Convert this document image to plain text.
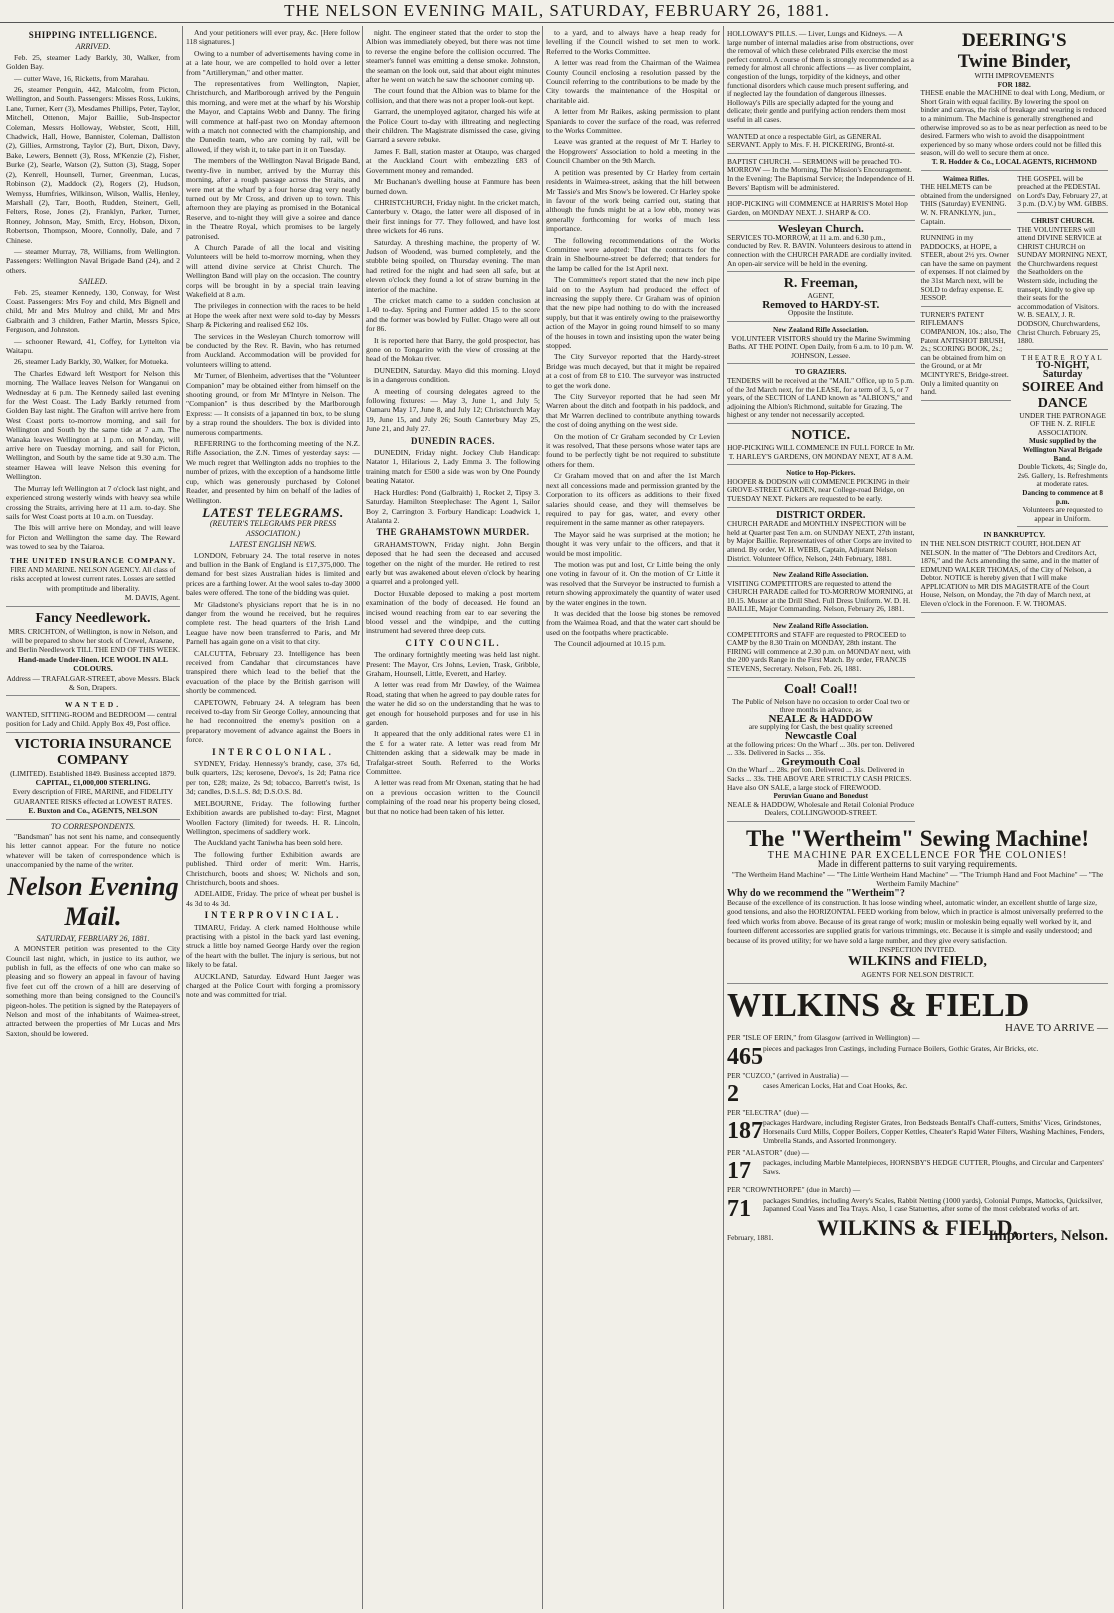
THE NELSON EVENING MAIL, SATURDAY, FEBRUARY 26, 1881.
SHIPPING INTELLIGENCE.
ARRIVED.

Feb. 25, steamer Lady Barkly, 30, Walker, from Golden Bay.

— cutter Wave, 16, Ricketts, from Marahau.

26, steamer Penguin, 442, Malcolm, from Picton, Wellington, and South. Passengers: Misses Ross, Lukins, Lane, Turner, Kerr (3), Mesdames Phillips, Peter, Taylor, Mitchell, Ottenon, Major Baillie, Sub-Inspector Coleman, Messrs Holloway, Webster, Scott, Hill, Chadwick, Hall, Howe, Bannister, Coleman, Dalliston (2), Gillies, Armstrong, Taylor (2), Burt, Dixon, Davy, Bake, Lewers, Bennett (3), Ross, M'Kenzie (2), Fisher, Burke (2), Searle, Watson (2), Sutton (3), Stagg, Soper (2), Kenrell, Hounsell, Turner, Greenman, Lucas, Robinson (2), Maddock (2), Rogers (2), Hudson, Wemyss, Humfries, Wilkinson, Wilson, Wallis, Henley, Marshall (2), Tarr, Booth, Rudden, Steinert, Gell, Felters, Rose, Jones (2), Franklyn, Parker, Turner, Ronney, Johnson, May, Smith, Ercy, Hobson, Dixon, Robertson, Thompson, Moore, Connolly, Dale, and 7 Chinese.

— steamer Murray, 78, Williams, from Wellington. Passengers: Wellington Naval Brigade Band (24), and 2 others.

SAILED.

Feb. 25, steamer Kennedy, 130, Conway, for West Coast. Passengers: Mrs Foy and child, Mrs Bignell and child, Mr and Mrs Mulroy and child, Mr and Mrs Galbraith and 3 children, Father Martin, Messrs Spice, Ferguson, and Johnston.

— schooner Reward, 41, Coffey, for Lyttelton via Waitapu.

26, steamer Lady Barkly, 30, Walker, for Motueka.

The Charles Edward left Westport for Nelson this morning. The Wallace leaves Nelson for Wanganui on Wednesday at 6 p.m. The Kennedy sailed last evening for the West Coast. The Lady Barkly returned from Golden Bay last night. The Grafton will arrive here from West Coast ports to-morrow morning, and sail for Wellington and South by the same tide at 7 a.m. The Wanaka leaves Wellington at 1 p.m. on Monday, will arrive here on Tuesday morning, and sail for Picton, Wellington, and South by the same tide at 9.30 a.m. The steamer Hawea will leave Nelson this evening for Wellington.

The Murray left Wellington at 7 o'clock last night, and experienced strong westerly winds with heavy sea while crossing the Straits, arriving here at 11 a.m. to-day. She sails for West Coast ports at 10 a.m. on Tuesday.

The Ibis will arrive here on Monday, and will leave for Picton and Wellington the same day. The Reward was towed to sea by the Taiaroa.

THE UNITED INSURANCE COMPANY.
FIRE AND MARINE. NELSON AGENCY. All class of risks accepted at lowest current rates. Losses are settled with promptitude and liberality.
M. DAVIS, Agent.
Fancy Needlework.
MRS. CRICHTON, of Wellington, is now in Nelson, and will be prepared to show her stock of Crewel, Arasene, and Berlin Needlework TILL THE END OF THIS WEEK.
Hand-made Under-linen. ICE WOOL IN ALL COLOURS.
Address — TRAFALGAR-STREET, above Messrs. Black & Son, Drapers.
WANTED.
WANTED, SITTING-ROOM and BEDROOM — central position for Lady and Child. Apply Box 49, Post office.
VICTORIA INSURANCE COMPANY
(LIMITED). Established 1849. Business accepted 1879.
CAPITAL, £1,000,000 STERLING.
Every description of FIRE, MARINE, and FIDELITY GUARANTEE RISKS effected at LOWEST RATES.
E. Buxton and Co., AGENTS, NELSON
TO CORRESPONDENTS.

"Bandsman" has not sent his name, and consequently his letter cannot appear. For the future no notice whatever will be taken of correspondence which is unaccompanied by the name of the writer.

Nelson Evening Mail.
SATURDAY, FEBRUARY 26, 1881.

A MONSTER petition was presented to the City Council last night, which, in justice to its author, we publish in full, as the effects of one who can make so pleasing and so flowery an appeal in favour of having five feet cut off the crown of a hill are deserving of something more than being consigned to the Council's pigeon-holes. The petition is signed by the Ratepayers of Nelson and most of the inhabitants of Waimea-street, attracted between the properties of Mr Lucas and Mrs Saxton, should be lowered.

And your petitioners will ever pray, &c. [Here follow 118 signatures.]

Owing to a number of advertisements having come in at a late hour, we are compelled to hold over a letter from "Artilleryman," and other matter.

The representatives from Wellington, Napier, Christchurch, and Marlborough arrived by the Penguin this morning, and were met at the wharf by his Worship the Mayor, and Captains Webb and Danny. The firing will commence at half-past two on Monday afternoon with a match not connected with the championship, and the Dunedin team, who are coming by rail, will be allowed, if they wish it, to take part in it on Tuesday.

The members of the Wellington Naval Brigade Band, twenty-five in number, arrived by the Murray this morning, after a rough passage across the Straits, and were met at the wharf by a four horse drag very neatly turned out by Mr Cross, and driven up to town. This afternoon they are playing as promised in the Botanical Reserve, and to-night they will give a soiree and dance in the Theatre Royal, which promises to be largely patronised.

A Church Parade of all the local and visiting Volunteers will be held to-morrow morning, when they will attend divine service at Christ Church. The Wellington Band will play on the occasion. The country corps will be brought in by a special train leaving Wakefield at 8 a.m.

The privileges in connection with the races to be held at Hope the week after next were sold to-day by Messrs Sharp & Pickering and realised £62 10s.

The services in the Wesleyan Church tomorrow will be conducted by the Rev. R. Bavin, who has returned from Auckland. Accommodation will be provided for volunteers willing to attend.

Mr Turner, of Blenheim, advertises that the "Volunteer Companion" may be obtained either from himself on the shooting ground, or from Mr M'Intyre in Nelson. The "Companion" is thus described by the Marlborough Express: — It consists of a japanned tin box, to be slung by a strap round the shoulders. The box is divided into numerous compartments.

REFERRING to the forthcoming meeting of the N.Z. Rifle Association, the Z.N. Times of yesterday says: — We much regret that Wellington adds no trophies to the number of prizes, with the exception of a handsome little cup, which was generously purchased by Colonel Reader, and presented by him on behalf of the ladies of Wellington.

LATEST TELEGRAMS.
(REUTER'S TELEGRAMS PER PRESS ASSOCIATION.)
LATEST ENGLISH NEWS.

LONDON, February 24. The total reserve in notes and bullion in the Bank of England is £17,375,000. The demand for best sizes Australian hides is limited and prices are a farthing lower. At the wool sales to-day 3000 bales were offered. The tone of the bidding was quiet.

Mr Gladstone's physicians report that he is in no danger from the wound he received, but he requires complete rest. The head quarters of the Irish Land League have now been transferred to Paris, and Mr Parnell has again gone on a visit to that city.

CALCUTTA, February 23. Intelligence has been received from Candahar that circumstances have transpired there which lead to the belief that the evacuation of the place by the British garrison will shortly be commenced.

CAPETOWN, February 24. A telegram has been received to-day from Sir George Colley, announcing that he had reconnoitred the enemy's position on a preparatory movement of advance against the Boers in force.

INTERCOLONIAL.

SYDNEY, Friday. Hennessy's brandy, case, 37s 6d, bulk quarters, 12s; kerosene, Devoe's, 1s 2d; Patna rice per ton, £28; maize, 2s 9d; tobacco, Barrett's twist, 1s 3d; candles, D.S.L.S. 8d; D.S.O.S. 8d.

MELBOURNE, Friday. The following further Exhibition awards are published to-day: First, Magnet Woollen Factory (limited) for tweeds. H. R. Lincoln, Wellington, specimens of saddlery work.

The Auckland yacht Taniwha has been sold here.

The following further Exhibition awards are published. Third order of merit: Wm. Harris, Christchurch, boots and shoes; W. Nichols and son, Christchurch, boots and shoes.

ADELAIDE, Friday. The price of wheat per bushel is 4s 3d to 4s 3d.

INTERPROVINCIAL.

TIMARU, Friday. A clerk named Holthouse while practising with a pistol in the back yard last evening, struck a little boy named George Hardy over the region of the heart with the bullet. The injury is serious, but not likely to be fatal.

AUCKLAND, Saturday. Edward Hunt Jaeger was charged at the Police Court with forging a promissory note and was committed for trial.

night. The engineer stated that the order to stop the Albion was immediately obeyed, but there was not time to reverse the engine before the collision occurred. The steamer's funnel was emitting a dense smoke. Johnston, the seaman on the look out, said that about eight minutes after he went on watch he saw the schooner coming up.

The court found that the Albion was to blame for the collision, and that there was not a proper look-out kept.

Garrard, the unemployed agitator, charged his wife at the Police Court to-day with illtreating and neglecting their children. The Magistrate dismissed the case, giving Garrard a severe rebuke.

James F. Ball, station master at Otaupo, was charged at the Auckland Court with embezzling £83 of Government money and remanded.

Mr Buchanan's dwelling house at Fanmure has been burned down.

CHRISTCHURCH, Friday night. In the cricket match, Canterbury v. Otago, the latter were all disposed of in their first innings for 77. They followed, and have lost three wickets for 46 runs.

Saturday. A threshing machine, the property of W. Judson of Woodend, was burned completely, and the stubble being spoiled, on Thursday evening. The man had retired for the night and had seen all safe, but at eleven o'clock they found a lot of straw burning in the interior of the machine.

The cricket match came to a sudden conclusion at 1.40 to-day. Spring and Furmer added 15 to the score and the former was bowled by Fuller. Otago were all out for 86.

It is reported here that Barry, the gold prospector, has gone on to Tongariro with the view of crossing at the head of the Mokau river.

DUNEDIN, Saturday. Mayo did this morning. Lloyd is in a dangerous condition.

A meeting of coursing delegates agreed to the following fixtures: — May 3, June 1, and July 5; Oamaru May 17, June 8, and July 12; Christchurch May 19, June 15, and July 26; South Canterbury May 25, June 21, and July 27.

DUNEDIN RACES.

DUNEDIN, Friday night. Jockey Club Handicap: Natator 1, Hilarious 2, Lady Emma 3. The following training match for £500 a side was won by One Poundy beating Natator.

Hack Hurdles: Pond (Galbraith) 1, Rocket 2, Tipsy 3. Saturday. Hamilton Steeplechase: The Agent 1, Sailor Boy 2, Carrington 3. Forbury Handicap: Loadwick 1, Atalanta 2.

THE GRAHAMSTOWN MURDER.

GRAHAMSTOWN, Friday night. John Bergin deposed that he had seen the deceased and accused together on the night of the murder. He retired to rest early but was awakened about eleven o'clock by hearing a quarrel and a prolonged yell.

Doctor Huxable deposed to making a post mortem examination of the body of deceased. He found an incised wound reaching from ear to ear severing the blood vessel and the windpipe, and the cutting instrument had severed three deep cuts.

CITY COUNCIL.

The ordinary fortnightly meeting was held last night. Present: The Mayor, Crs Johns, Levien, Trask, Gribble, Graham, Hounsell, Little, Everett, and Harley.

A letter was read from Mr Dawley, of the Waimea Road, stating that when he agreed to pay double rates for the water he did so on the understanding that he was to get enough for household purposes and for use in his garden.

It appeared that the only additional rates were £1 in the £ for a water rate. A letter was read from Mr Chittenden asking that a sidewalk may be made in Trafalgar-street South. Referred to the Works Committee.

A letter was read from Mr Oxenan, stating that he had on a previous occasion written to the Council complaining of the road near his property being closed, but that no notice had been taken of his letter.

to a yard, and to always have a heap ready for levelling if the Council wished to set men to work. Referred to the Works Committee.

A letter was read from the Chairman of the Waimea County Council enclosing a resolution passed by the Council referring to the contributions to be made by the City towards the maintenance of the Hospital or charitable aid.

A letter from Mr Raikes, asking permission to plant Spaniards to cover the surface of the road, was referred to the Works Committee.

Leave was granted at the request of Mr T. Harley to the Hopgrowers' Association to hold a meeting in the Council Chamber on the 9th March.

A petition was presented by Cr Harley from certain residents in Waimea-street, asking that the hill between Mr Tassie's and Mrs Snow's be lowered. Cr Harley spoke in favour of the work being carried out, stating that although the funds might be at a low ebb, money was generally forthcoming for works of much less importance.

The following recommendations of the Works Committee were adopted: That the contracts for the drain in Shelbourne-street be deferred; that tenders for the lamp be called for the 1st April next.

The Committee's report stated that the new inch pipe laid on to the Asylum had produced the effect of increasing the supply there. Cr Graham was of opinion that the new pipe had nothing to do with the increased supply, but that it was entirely owing to the praiseworthy action of the Mayor in going round himself to so many of the houses in town and insisting upon the water being stopped.

The City Surveyor reported that the Hardy-street Bridge was much decayed, but that it might be repaired at a cost of from £8 to £10. The surveyor was instructed to get the work done.

The City Surveyor reported that he had seen Mr Warren about the ditch and footpath in his paddock, and that Mr Warren declined to contribute anything towards the cost of doing anything on the west side.

On the motion of Cr Graham seconded by Cr Levien it was resolved, That these persons whose water taps are found to be perfectly tight be not required to substitute others for them.

Cr Graham moved that on and after the 1st March next all concessions made and permission granted by the Corporation to its officers as additions to their fixed salaries should cease, and they will themselves be required to pay for gas, water, and every other requirement in the same manner as other ratepayers.

The Mayor said he was surprised at the motion; he thought it was very unfair to the officers, and that it would be most impolitic.

The motion was put and lost, Cr Little being the only one voting in favour of it. On the motion of Cr Little it was resolved that the Surveyor be instructed to furnish a return showing approximately the quantity of water used by the water engines in the town.

It was decided that the loose big stones be removed from the Waimea Road, and that the water cart should be used on the footpaths where practicable.

The Council adjourned at 10.15 p.m.

HOLLOWAY'S PILLS. — Liver, Lungs and Kidneys. — A large number of internal maladies arise from obstructions, over the removal of which these celebrated Pills exercise the most perfect control. A course of them is strongly recommended as a remedy for almost all chronic affections — as liver complaint, congestion of the lungs, torpidity of the kidneys, and other functional disorders which cause much present suffering, and if neglected lay the foundation of dangerous illnesses. Holloway's Pills are specially adapted for the young and delicate; their gentle and purifying action renders them most useful in all cases.
WANTED at once a respectable Girl, as GENERAL SERVANT. Apply to Mrs. F. H. PICKERING, Bronté-st.
BAPTIST CHURCH. — SERMONS will be preached TO-MORROW — In the Morning, The Mission's Encouragement. In the Evening: The Baptismal Service; the Independence of H. Bevers' Baptism will be administered.
HOP-PICKING will COMMENCE at HARRIS'S Motel Hop Garden, on MONDAY NEXT. J. SHARP & CO.
Wesleyan Church.
SERVICES TO-MORROW, at 11 a.m. and 6.30 p.m., conducted by Rev. R. BAVIN. Volunteers desirous to attend in connection with the CHURCH PARADE are cordially invited. An open-air service will be held in the evening.
R. Freeman,
AGENT,
Removed to HARDY-ST.
Opposite the Institute.
New Zealand Rifle Association.
VOLUNTEER VISITORS should try the Marine Swimming Baths. AT THE POINT. Open Daily, from 6 a.m. to 10 p.m. W. JOHNSON, Lessee.
TO GRAZIERS.
TENDERS will be received at the "MAIL" Office, up to 5 p.m. of the 3rd March next, for the LEASE, for a term of 3, 5, or 7 years, of the SECTION of LAND known as "ALBION'S," and adjoining the Albion's Richmond, suitable for Grazing. The highest or any tender not necessarily accepted.
NOTICE.
HOP-PICKING WILL COMMENCE IN FULL FORCE In Mr. T. HARLEY'S GARDENS, ON MONDAY NEXT, AT 8 A.M.
Notice to Hop-Pickers.
HOOPER & DODSON will COMMENCE PICKING in their GROVE-STREET GARDEN, near College-road Bridge, on TUESDAY NEXT. Pickers are requested to be early.
DISTRICT ORDER.
CHURCH PARADE and MONTHLY INSPECTION will be held at Quarter past Ten a.m. on SUNDAY NEXT, 27th instant, by Major Baillie. Representatives of other Corps are invited to attend. By order, W. H. WEBB, Captain, Adjutant Nelson District. Volunteer Office, Nelson, 24th February, 1881.
New Zealand Rifle Association.
VISITING COMPETITORS are requested to attend the CHURCH PARADE called for TO-MORROW MORNING, at 10.15. Muster at the Drill Shed. Full Dress Uniform. W. D. H. BAILLIE, Major Commanding. Nelson, February 26, 1881.
New Zealand Rifle Association.
COMPETITORS and STAFF are requested to PROCEED to CAMP by the 8.30 Train on MONDAY, 28th instant. The FIRING will commence at 2.30 p.m. on MONDAY next, with the 200 yards Range in the First Match. By order, FRANCIS STEVENS, Secretary. Nelson, Feb. 26, 1881.
Coal! Coal!!
The Public of Nelson have no occasion to order Coal two or three months in advance, as
NEALE & HADDOW
are supplying for Cash, the best quality screened
Newcastle Coal
at the following prices: On the Wharf ... 30s. per ton. Delivered ... 33s. Delivered in Sacks ... 35s.
Greymouth Coal
On the Wharf ... 28s. per ton. Delivered ... 31s. Delivered in Sacks ... 33s. THE ABOVE ARE STRICTLY CASH PRICES. Have also ON SALE, a large stock of FIREWOOD.
Peruvian Guano and Bonedust
NEALE & HADDOW, Wholesale and Retail Colonial Produce Dealers, COLLINGWOOD-STREET.
DEERING'S
Twine Binder,
WITH IMPROVEMENTS
FOR 1882.
THESE enable the MACHINE to deal with Long, Medium, or Short Grain with equal facility. By lowering the spool on binder and canvas, the risk of breakage and wearing is reduced to a minimum. The Machine is generally strengthened and otherwise improved so as to be as near perfection as need to be desired. Farmers who wish to avoid the disappointment experienced by so many whose orders could not be filled this season, will do well to secure them at once.
T. R. Hodder & Co., LOCAL AGENTS, RICHMOND
Waimea Rifles.
THE HELMETS can be obtained from the undersigned THIS (Saturday) EVENING. W. N. FRANKLYN, jun., Captain.
RUNNING in my PADDOCKS, at HOPE, a STEER, about 2½ yrs. Owner can have the same on payment of expenses. If not claimed by the 31st March next, will be SOLD to defray expense. E. JESSOP.
TURNER'S PATENT RIFLEMAN'S COMPANION, 10s.; also, The Patent ANTISHOT BRUSH, 2s.; SCORING BOOK, 2s.; can be obtained from him on the Ground, or at Mr MCINTYRE'S, Bridge-street. Only a limited quantity on hand.
THE GOSPEL will be preached at the PEDESTAL on Lord's Day, February 27, at 3 p.m. (D.V.) by WM. GIBBS.
CHRIST CHURCH.
THE VOLUNTEERS will attend DIVINE SERVICE at CHRIST CHURCH on SUNDAY MORNING NEXT, the Churchwardens request the Seatholders on the Western side, including the transept, kindly to give up their seats for the accommodation of Visitors. W. B. SEALY, J. R. DODSON, Churchwardens, Christ Church. February 25, 1880.
THEATRE ROYAL
TO-NIGHT, Saturday
SOIREE And DANCE
UNDER THE PATRONAGE OF THE N. Z. RIFLE ASSOCIATION.
Music supplied by the Wellington Naval Brigade Band.
Double Tickets, 4s; Single do, 2s6. Gallery, 1s. Refreshments at moderate rates.
Dancing to commence at 8 p.m.
Volunteers are requested to appear in Uniform.
IN BANKRUPTCY.
IN THE NELSON DISTRICT COURT, HOLDEN AT NELSON. In the matter of "The Debtors and Creditors Act, 1876," and the Acts amending the same, and in the matter of EDMUND WALKER THOMAS, of the City of Nelson, a Debtor. NOTICE is hereby given that I will make APPLICATION to MR DIS MAGISTRATE of the Court House, Nelson, on Monday, the 7th day of March next, at Eleven o'clock in the Forenoon. F. W. THOMAS.
The "Wertheim" Sewing Machine!
THE MACHINE PAR EXCELLENCE FOR THE COLONIES!
Made in different patterns to suit varying requirements.
"The Wertheim Hand Machine" — "The Little Wertheim Hand Machine" — "The Triumph Hand and Foot Machine" — "The Wertheim Family Machine"
Why do we recommend the "Wertheim"?
Because of the excellence of its construction. It has loose winding wheel, automatic winder, an excellent shuttle of large size, good tensions, and also the HORIZONTAL FEED working from below, which in practice is almost universally preferred to the feed which works from above. Because of its great range of work; muslin or moleskin being equally well worked by it, and fourteen different accessories are supplied gratis for various trimmings, etc. Because it is simple and easily understood; and because of its proved utility; for we have sold a large number, and they give every satisfaction.
INSPECTION INVITED.
WILKINS and FIELD,
AGENTS FOR NELSON DISTRICT.
WILKINS & FIELD
HAVE TO ARRIVE —
PER "ISLE OF ERIN," from Glasgow (arrived in Wellington) —
465 pieces and packages Iron Castings, including Furnace Boilers, Gothic Grates, Air Bricks, etc.
PER "CUZCO," (arrived in Australia) —
2	cases American Locks, Hat and Coat Hooks, &c.
PER "ELECTRA" (due) —
187 packages Hardware, including Register Grates, Iron Bedsteads Bentall's Chaff-cutters, Smiths' Vices, Grindstones, Horsenails Curd Mills, Copper Boilers, Copper Kettles, Cheater's Rapid Water Filters, Washing Machines, Fenders, Umbrella Stands, and Assorted Ironmongery.
PER "ALASTOR" (due) —
17	packages, including Marble Mantelpieces, HORNSBY'S HEDGE CUTTER, Ploughs, and Circular and Carpenters' Saws.
PER "CROWNTHORPE" (due in March) —
71	packages Sundries, including Avery's Scales, Rabbit Netting (1000 yards), Colonial Pumps, Mattocks, Quicksilver, Japanned Coal Vases and Tea Trays. Also, 1 case Statuettes, after some of the most celebrated works of art.
WILKINS & FIELD,
February, 1881.	Importers, Nelson.
